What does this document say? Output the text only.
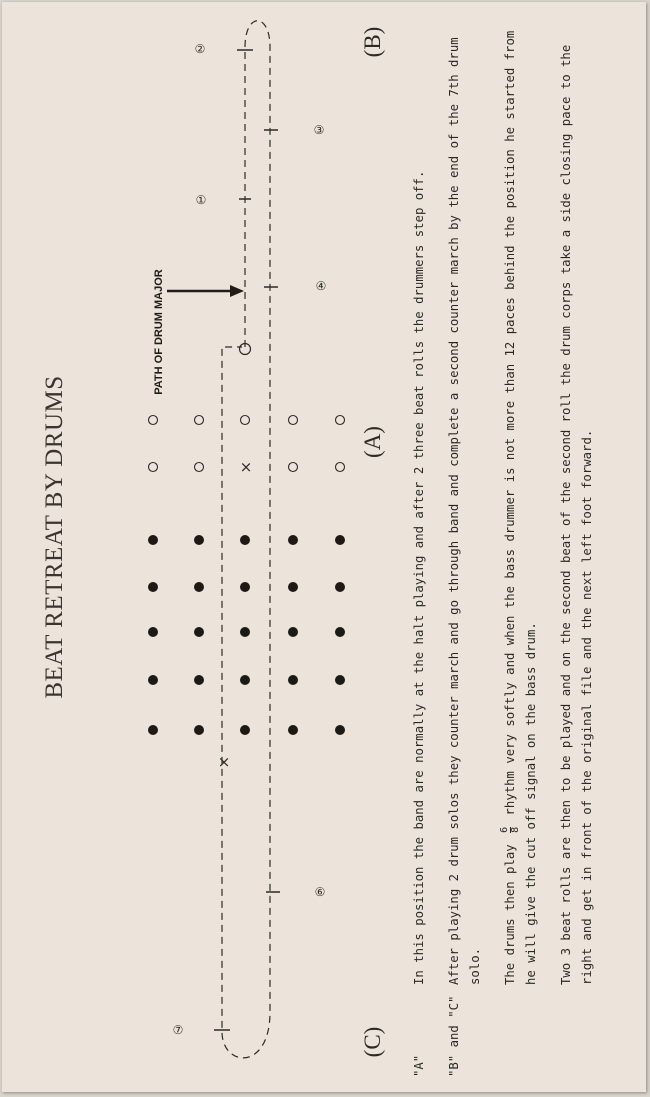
BEAT RETREAT BY DRUMS
PATH OF DRUM MAJOR
(B)
(A)
(C)
②
③
①
④
⑥
⑦
×
×
"A"
In this position the band are normally at the halt playing and after 2 three beat rolls the drummers step off.
"B" and "C"
After playing 2 drum solos they counter march and go through band and complete a second counter march by the end of the 7th drum solo.	The drums then play
6 8
rhythm very softly and when the bass drummer is not more than 12 paces behind the position he started from he will give the cut off signal on the bass drum.	Two 3 beat rolls are then to be played and on the second beat of the second roll the drum corps take a side closing pace to the right and get in front of the original file and the next left foot forward.
